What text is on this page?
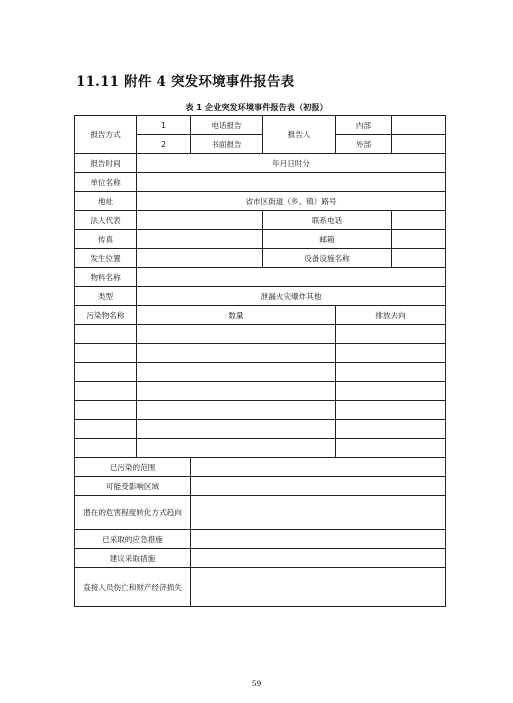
11.11 附件 4 突发环境事件报告表
表 1 企业突发环境事件报告表（初报）
报告方式	1	电话报告	报告人	内部	
	2	书面报告		外部	
报告时间	年月日时分				
单位名称					
地址	省市区街道（乡、镇）路号				
法人代表			联系电话		
传真			邮箱		
发生位置			设备设施名称		
物料名称					
类型	泄漏火灾爆炸其他				
污染物名称	数量			排放去向	

已污染的范围					
可能受影响区域					
潜在的危害程度转化方式趋向					
已采取的应急措施					
建议采取措施					
直接人员伤亡和财产经济损失					
59
